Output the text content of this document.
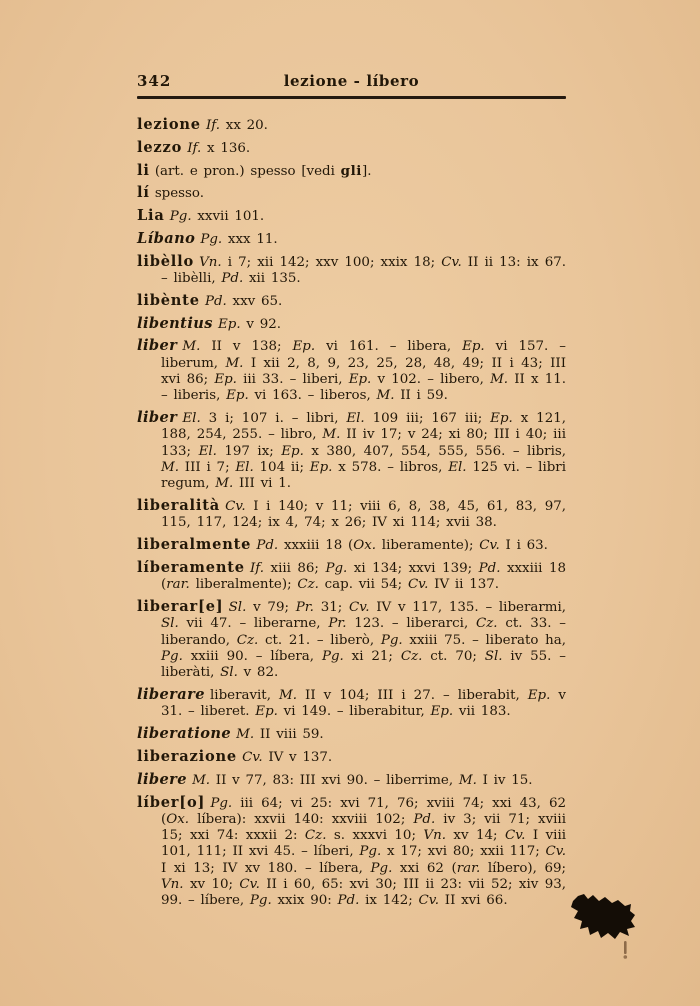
342	lezione - líbero

lezione If. xx 20.

lezzo If. x 136.

li (art. e pron.) spesso [vedi gli].

lí spesso.

Lia Pg. xxvii 101.

Líbano Pg. xxx 11.

libèllo Vn. i 7; xii 142; xxv 100; xxix 18; Cv. II ii 13: ix 67. – libèlli, Pd. xii 135.

libènte Pd. xxv 65.

libentius Ep. v 92.

liber M. II v 138; Ep. vi 161. – libera, Ep. vi 157. – liberum, M. I xii 2, 8, 9, 23, 25, 28, 48, 49; II i 43; III xvi 86; Ep. iii 33. – liberi, Ep. v 102. – libero, M. II x 11. – liberis, Ep. vi 163. – liberos, M. II i 59.

liber El. 3 i; 107 i. – libri, El. 109 iii; 167 iii; Ep. x 121, 188, 254, 255. – libro, M. II iv 17; v 24; xi 80; III i 40; iii 133; El. 197 ix; Ep. x 380, 407, 554, 555, 556. – libris, M. III i 7; El. 104 ii; Ep. x 578. – libros, El. 125 vi. – libri regum, M. III vi 1.

liberalità Cv. I i 140; v 11; viii 6, 8, 38, 45, 61, 83, 97, 115, 117, 124; ix 4, 74; x 26; IV xi 114; xvii 38.

liberalmente Pd. xxxiii 18 (Ox. liberamente); Cv. I i 63.

líberamente If. xiii 86; Pg. xi 134; xxvi 139; Pd. xxxiii 18 (rar. liberalmente); Cz. cap. vii 54; Cv. IV ii 137.

liberar[e] Sl. v 79; Pr. 31; Cv. IV v 117, 135. – liberarmi, Sl. vii 47. – liberarne, Pr. 123. – liberarci, Cz. ct. 33. – liberando, Cz. ct. 21. – liberò, Pg. xxiii 75. – liberato ha, Pg. xxiii 90. – líbera, Pg. xi 21; Cz. ct. 70; Sl. iv 55. – liberàti, Sl. v 82.

liberare liberavit, M. II v 104; III i 27. – liberabit, Ep. v 31. – liberet. Ep. vi 149. – liberabitur, Ep. vii 183.

liberatione M. II viii 59.

liberazione Cv. IV v 137.

libere M. II v 77, 83: III xvi 90. – liberrime, M. I iv 15.

líber[o] Pg. iii 64; vi 25: xvi 71, 76; xviii 74; xxi 43, 62 (Ox. líbera): xxvii 140: xxviii 102; Pd. iv 3; vii 71; xviii 15; xxi 74: xxxii 2: Cz. s. xxxvi 10; Vn. xv 14; Cv. I viii 101, 111; II xvi 45. – líberi, Pg. x 17; xvi 80; xxii 117; Cv. I xi 13; IV xv 180. – líbera, Pg. xxi 62 (rar. líbero), 69; Vn. xv 10; Cv. II i 60, 65: xvi 30; III ii 23: vii 52; xiv 93, 99. – líbere, Pg. xxix 90: Pd. ix 142; Cv. II xvi 66.
